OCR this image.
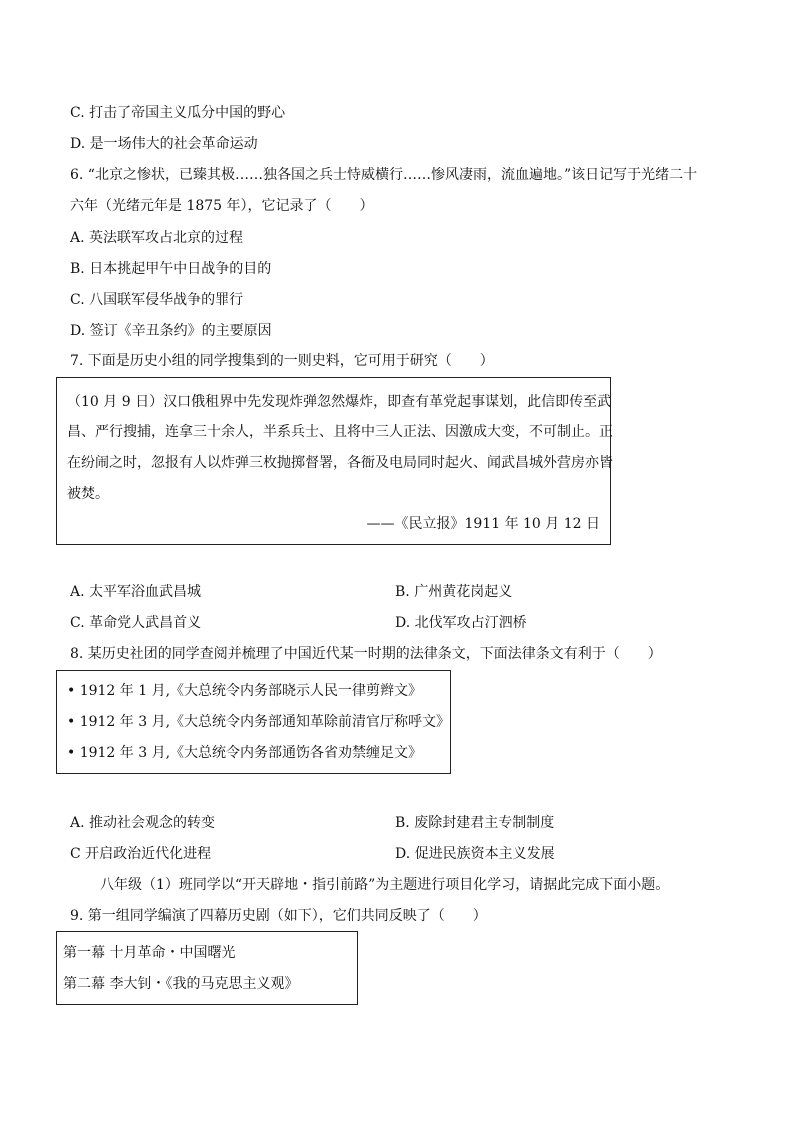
C. 打击了帝国主义瓜分中国的野心
D. 是一场伟大的社会革命运动
6. “北京之惨状，已臻其极……独各国之兵士恃威横行……惨风凄雨，流血遍地。”该日记写于光绪二十
六年（光绪元年是 1875 年），它记录了（　　）
A. 英法联军攻占北京的过程
B. 日本挑起甲午中日战争的目的
C. 八国联军侵华战争的罪行
D. 签订《辛丑条约》的主要原因
7. 下面是历史小组的同学搜集到的一则史料，它可用于研究（　　）
（10 月 9 日）汉口俄租界中先发现炸弹忽然爆炸，即查有革党起事谋划，此信即传至武
昌、严行搜捕，连拿三十余人，半系兵士、且将中三人正法、因激成大变，不可制止。正
在纷闹之时，忽报有人以炸弹三枚抛掷督署，各衙及电局同时起火、闻武昌城外营房亦皆
被焚。
——《民立报》1911 年 10 月 12 日
A. 太平军浴血武昌城	B. 广州黄花岗起义
C. 革命党人武昌首义	D. 北伐军攻占汀泗桥
8. 某历史社团的同学查阅并梳理了中国近代某一时期的法律条文，下面法律条文有利于（　　）
• 1912 年 1 月,《大总统令内务部晓示人民一律剪辫文》
• 1912 年 3 月,《大总统令内务部通知革除前清官厅称呼文》
• 1912 年 3 月,《大总统令内务部通饬各省劝禁缠足文》
A. 推动社会观念的转变	B. 废除封建君主专制制度
C 开启政治近代化进程	D. 促进民族资本主义发展
八年级（1）班同学以“开天辟地・指引前路”为主题进行项目化学习，请据此完成下面小题。
9. 第一组同学编演了四幕历史剧（如下），它们共同反映了（　　）
第一幕 十月革命・中国曙光
第二幕 李大钊・《我的马克思主义观》
